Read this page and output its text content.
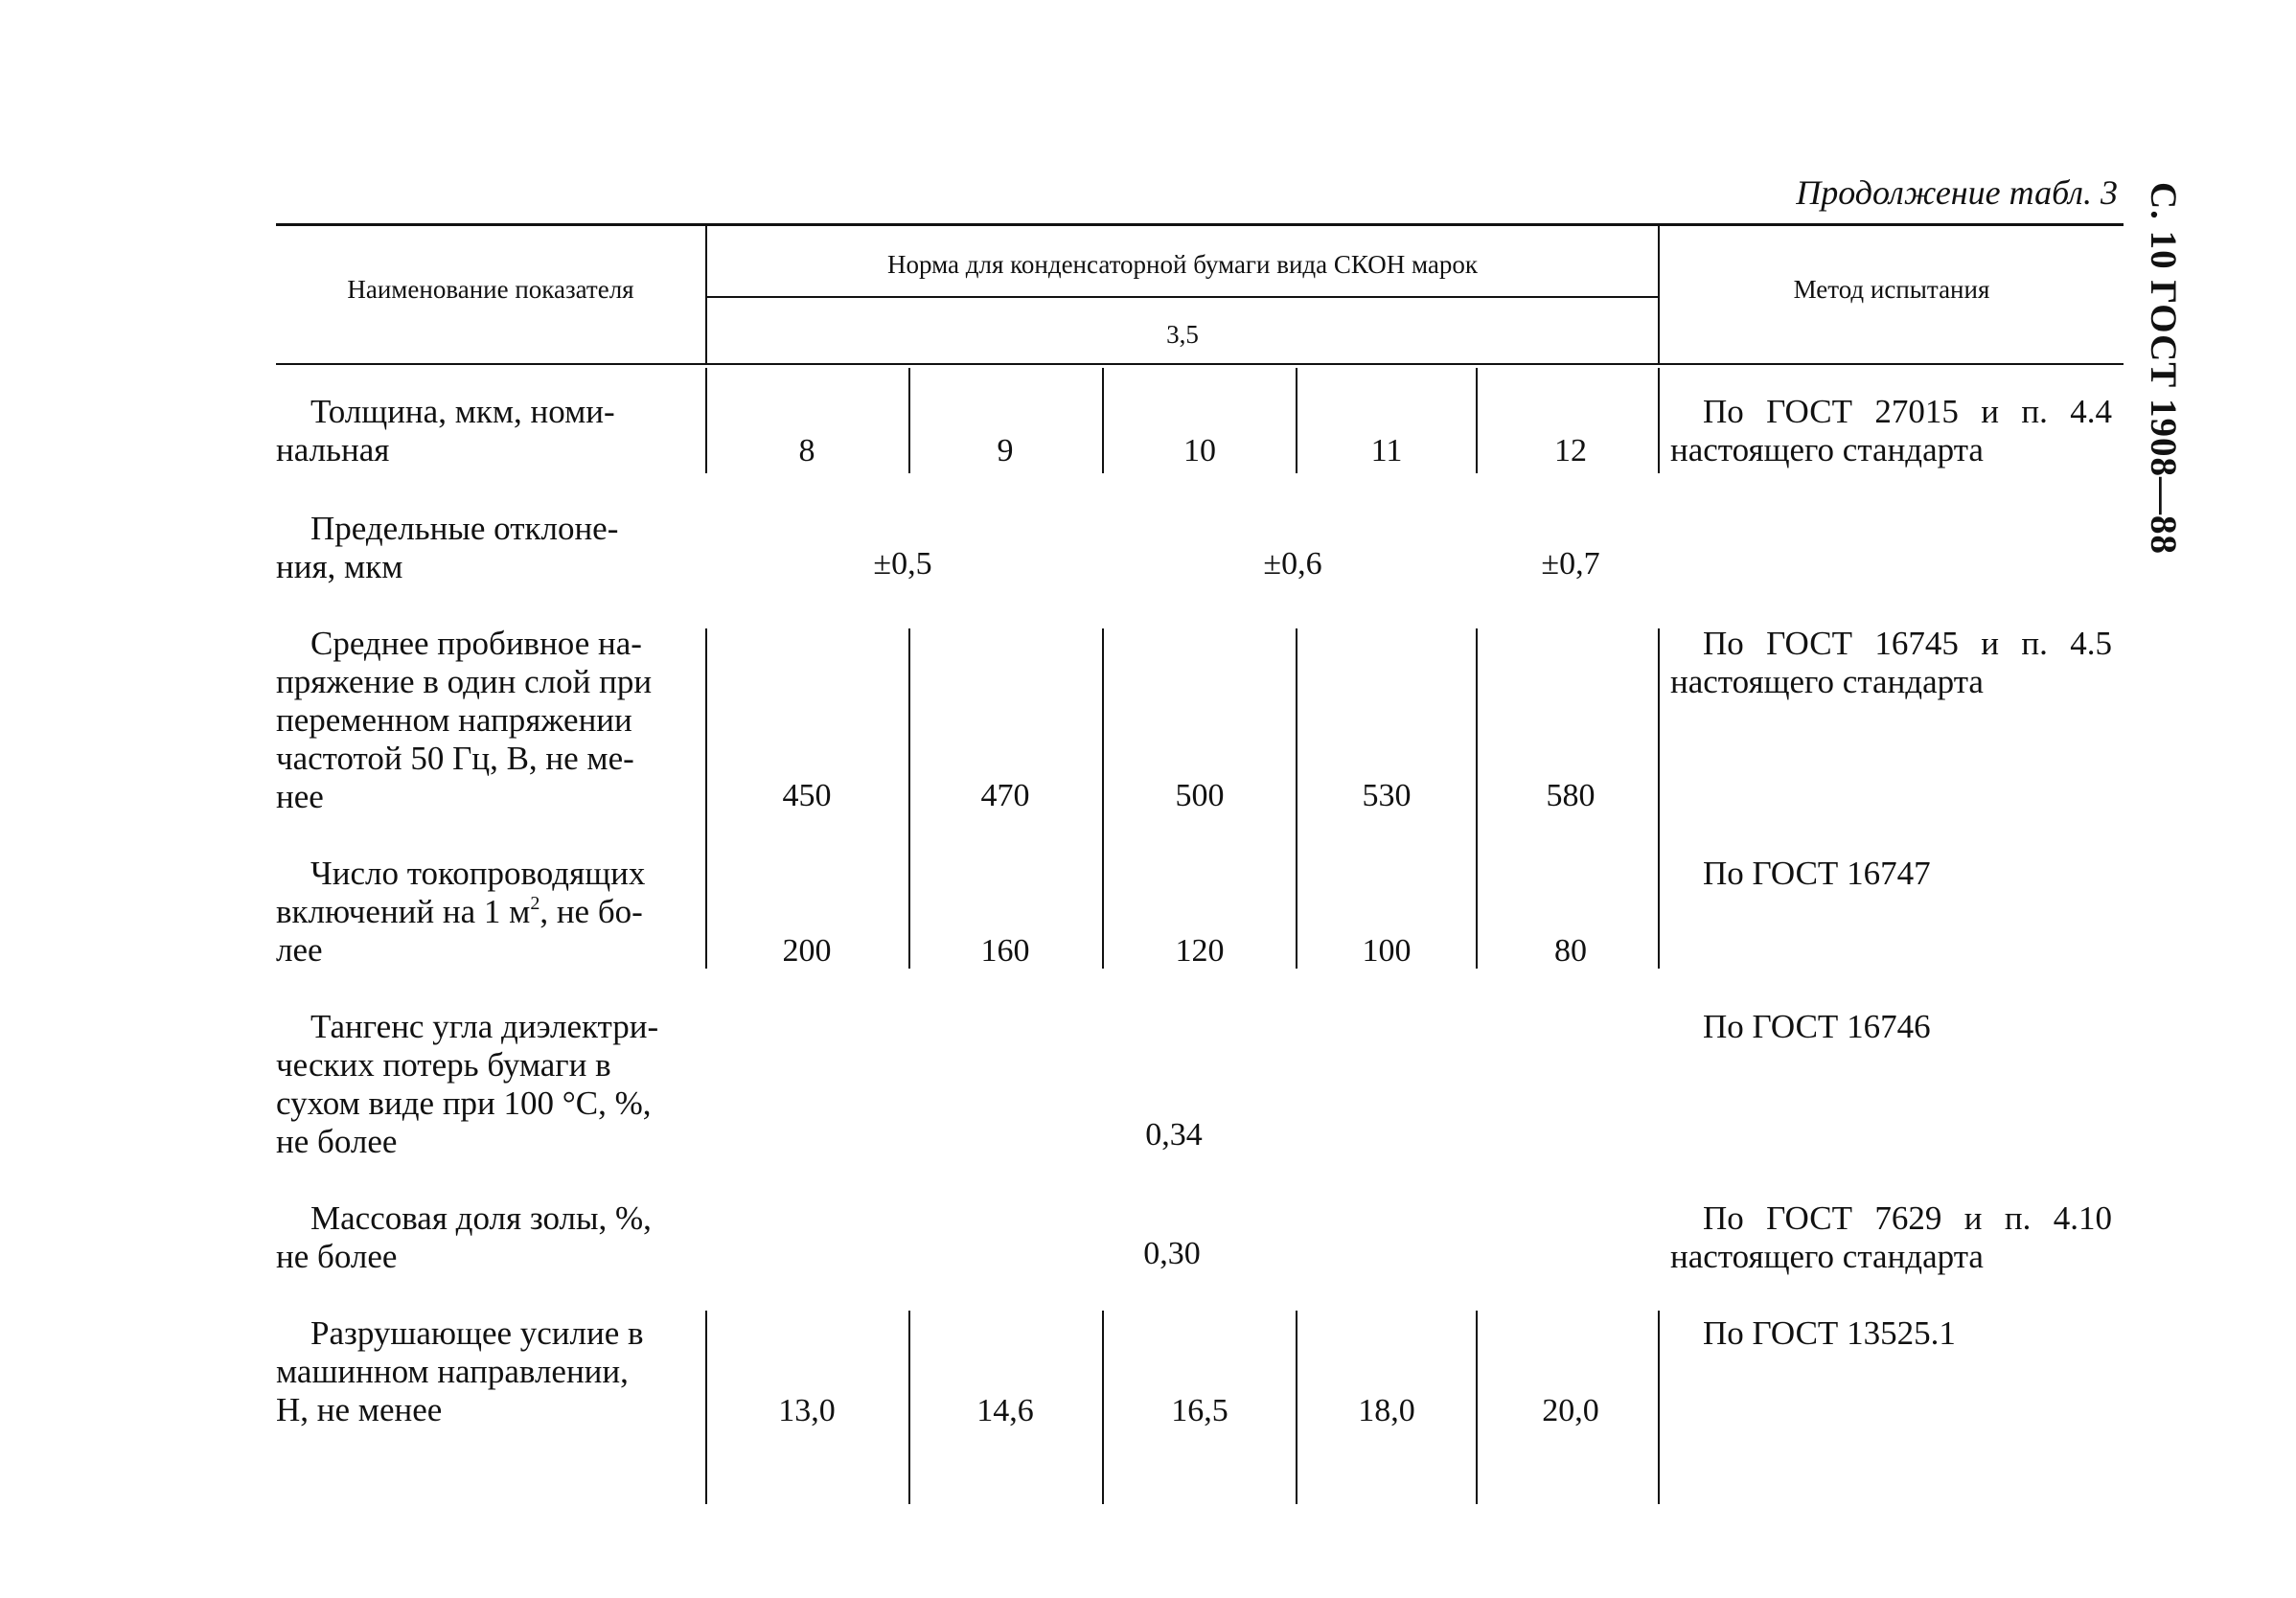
Продолжение табл. 3 С. 10 ГОСТ 1908—88
Наименование показателя
Норма для конденсаторной бумаги вида СКОН марок
3,5
Метод испытания
Толщина, мкм, номи-
нальная	8	9	10	11	12
По ГОСТ 27015 и п. 4.4
настоящего стандарта
Предельные отклоне-
ния, мкм	±0,5	±0,6	±0,7
Среднее пробивное на-
пряжение в один слой при
переменном напряжении
частотой 50 Гц, В, не ме-
нее	450	470	500	530	580
По ГОСТ 16745 и п. 4.5
настоящего стандарта
Число токопроводящих
включений на 1 $м^2$, не бо-
лее	200	160	120	100	80
По ГОСТ 16747
Тангенс угла диэлектри-
ческих потерь бумаги в
сухом виде при 100 °С, %,
не более	0,34
По ГОСТ 16746
Массовая доля золы, %,
не более	0,30
По ГОСТ 7629 и п. 4.10
настоящего стандарта
Разрушающее усилие в
машинном направлении,
Н, не менее	13,0	14,6	16,5	18,0	20,0
По ГОСТ 13525.1
